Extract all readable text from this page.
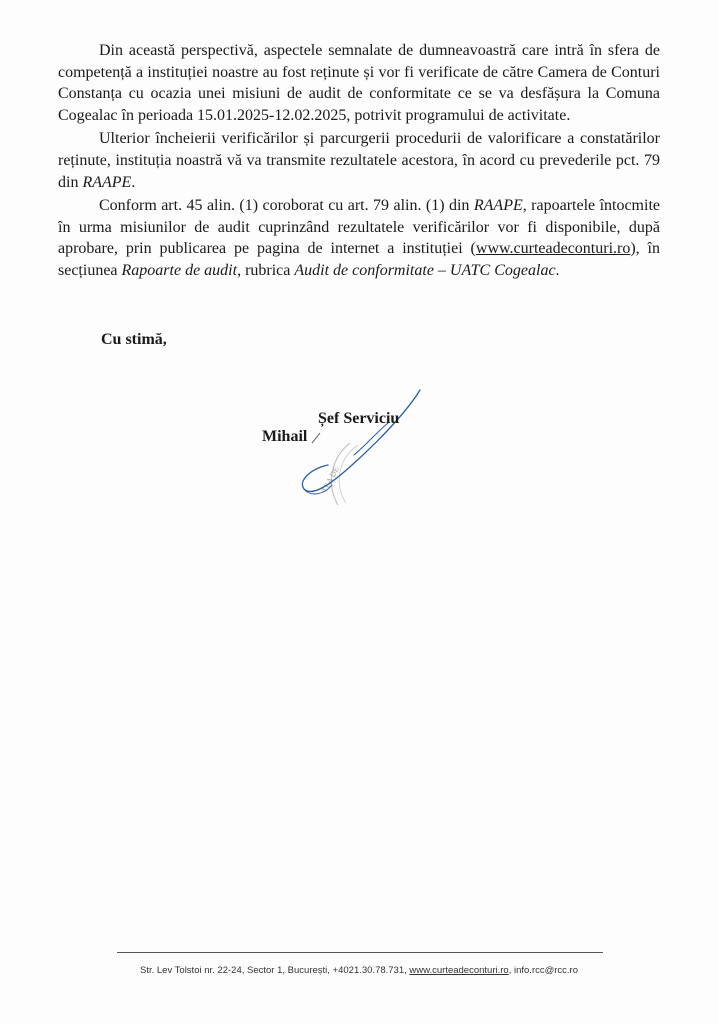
Din această perspectivă, aspectele semnalate de dumneavoastră care intră în sfera de competență a instituției noastre au fost reținute și vor fi verificate de către Camera de Conturi Constanța cu ocazia unei misiuni de audit de conformitate ce se va desfășura la Comuna Cogealac în perioada 15.01.2025-12.02.2025, potrivit programului de activitate.

Ulterior încheierii verificărilor și parcurgerii procedurii de valorificare a constatărilor reținute, instituția noastră vă va transmite rezultatele acestora, în acord cu prevederile pct. 79 din RAAPE.

Conform art. 45 alin. (1) coroborat cu art. 79 alin. (1) din RAAPE, rapoartele întocmite în urma misiunilor de audit cuprinzând rezultatele verificărilor vor fi disponibile, după aprobare, prin publicarea pe pagina de internet a instituției (www.curteadeconturi.ro), în secțiunea Rapoarte de audit, rubrica Audit de conformitate – UATC Cogealac.

Cu stimă,
TEA DE
Șef Serviciu
Mihail
Str. Lev Tolstoi nr. 22-24, Sector 1, București, +4021.30.78.731, www.curteadeconturi.ro, info.rcc@rcc.ro
